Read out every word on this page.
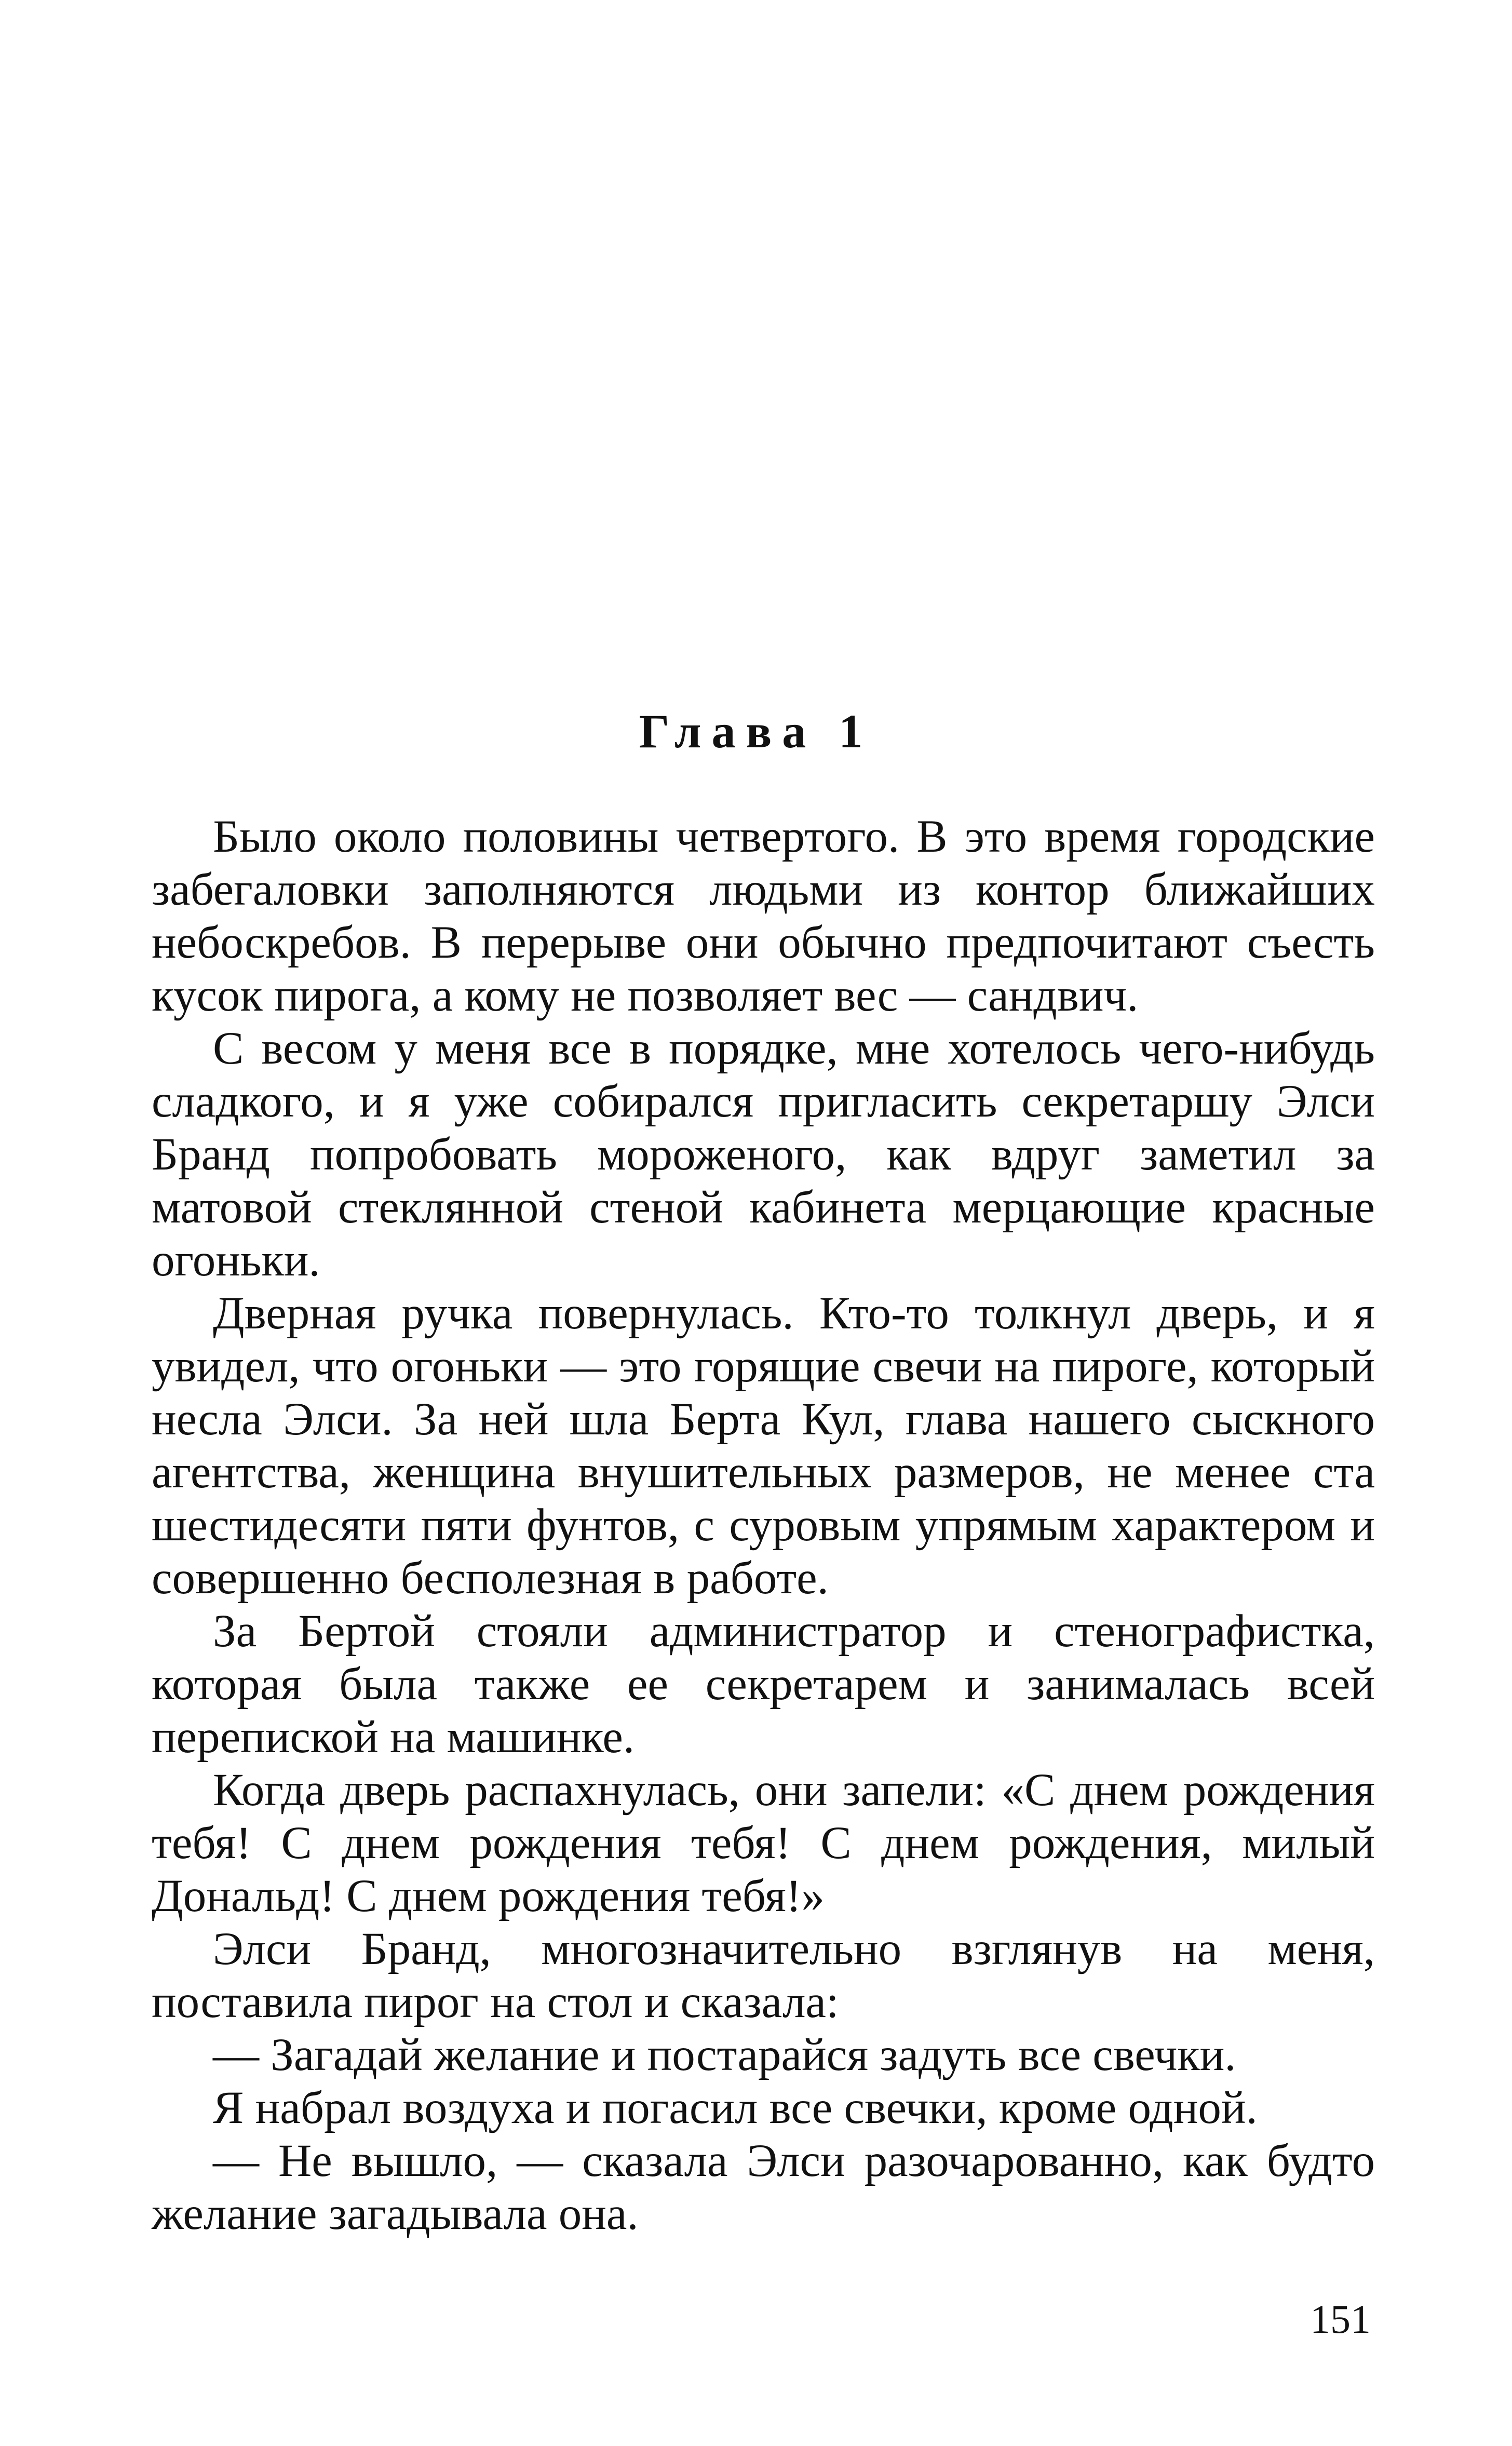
Глава 1

Было около половины четвертого. В это время городские забегаловки заполняются людьми из контор ближайших небоскребов. В перерыве они обычно предпочитают съесть кусок пирога, а кому не позволяет вес — сандвич.

С весом у меня все в порядке, мне хотелось чего-нибудь сладкого, и я уже собирался пригласить секретаршу Элси Бранд попробовать мороженого, как вдруг заметил за матовой стеклянной стеной кабинета мерцающие красные огоньки.

Дверная ручка повернулась. Кто-то толкнул дверь, и я увидел, что огоньки — это горящие свечи на пироге, который несла Элси. За ней шла Берта Кул, глава нашего сыскного агентства, женщина внушительных размеров, не менее ста шестидесяти пяти фунтов, с суровым упрямым характером и совершенно бесполезная в работе.

За Бертой стояли администратор и стенографистка, которая была также ее секретарем и занималась всей перепиской на машинке.

Когда дверь распахнулась, они запели: «С днем рождения тебя! С днем рождения тебя! С днем рождения, милый Дональд! С днем рождения тебя!»

Элси Бранд, многозначительно взглянув на меня, поставила пирог на стол и сказала:

— Загадай желание и постарайся задуть все свечки.

Я набрал воздуха и погасил все свечки, кроме одной.

— Не вышло, — сказала Элси разочарованно, как будто желание загадывала она.

151
